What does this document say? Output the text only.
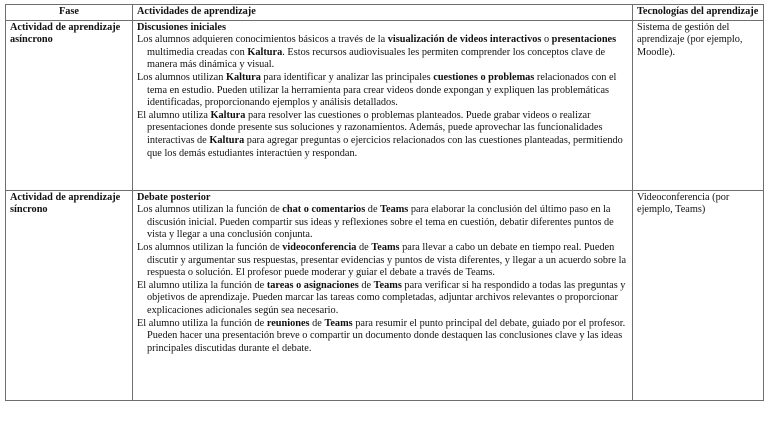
Fase	Actividades de aprendizaje	Tecnologías del aprendizaje
Actividad de aprendizaje asíncrono	Discusiones iniciales
Los alumnos adquieren conocimientos básicos a través de la visualización de videos interactivos o presentaciones multimedia creadas con Kaltura. Estos recursos audiovisuales les permiten comprender los conceptos clave de manera más dinámica y visual.
Los alumnos utilizan Kaltura para identificar y analizar las principales cuestiones o problemas relacionados con el tema en estudio. Pueden utilizar la herramienta para crear videos donde expongan y expliquen las problemáticas identificadas, proporcionando ejemplos y análisis detallados.
El alumno utiliza Kaltura para resolver las cuestiones o problemas planteados. Puede grabar videos o realizar presentaciones donde presente sus soluciones y razonamientos. Además, puede aprovechar las funcionalidades interactivas de Kaltura para agregar preguntas o ejercicios relacionados con las cuestiones planteadas, permitiendo que los demás estudiantes interactúen y respondan.	Sistema de gestión del aprendizaje (por ejemplo, Moodle).
Actividad de aprendizaje síncrono	Debate posterior
Los alumnos utilizan la función de chat o comentarios de Teams para elaborar la conclusión del último paso en la discusión inicial. Pueden compartir sus ideas y reflexiones sobre el tema en cuestión, debatir diferentes puntos de vista y llegar a una conclusión conjunta.
Los alumnos utilizan la función de videoconferencia de Teams para llevar a cabo un debate en tiempo real. Pueden discutir y argumentar sus respuestas, presentar evidencias y puntos de vista diferentes, y llegar a un acuerdo sobre la respuesta o solución. El profesor puede moderar y guiar el debate a través de Teams.
El alumno utiliza la función de tareas o asignaciones de Teams para verificar si ha respondido a todas las preguntas y objetivos de aprendizaje. Pueden marcar las tareas como completadas, adjuntar archivos relevantes o proporcionar explicaciones adicionales según sea necesario.
El alumno utiliza la función de reuniones de Teams para resumir el punto principal del debate, guiado por el profesor. Pueden hacer una presentación breve o compartir un documento donde destaquen las conclusiones clave y las ideas principales discutidas durante el debate.	Videoconferencia (por ejemplo, Teams)
